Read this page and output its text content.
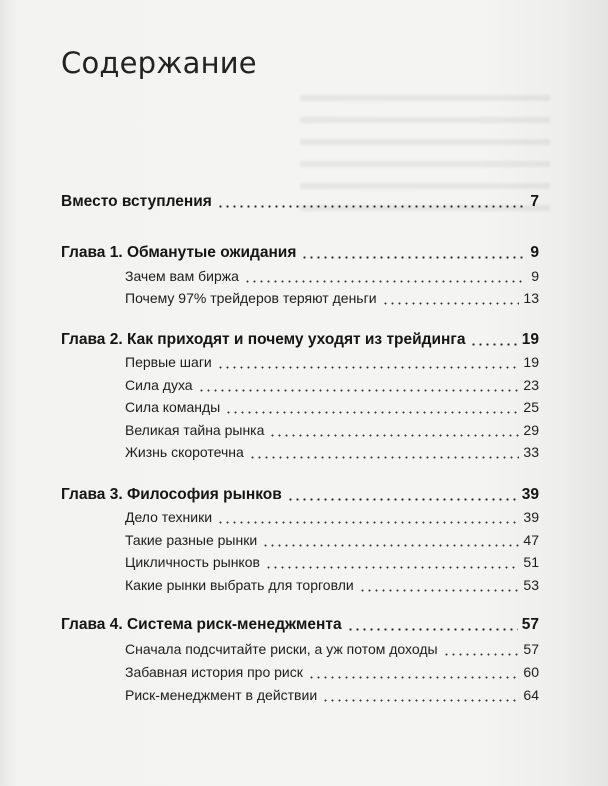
Содержание
Вместо вступления	7
Глава 1. Обманутые ожидания	9
Зачем вам биржа	9
Почему 97% трейдеров теряют деньги	13
Глава 2. Как приходят и почему уходят из трейдинга	19
Первые шаги	19
Сила духа	23
Сила команды	25
Великая тайна рынка	29
Жизнь скоротечна	33
Глава 3. Философия рынков	39
Дело техники	39
Такие разные рынки	47
Цикличность рынков	51
Какие рынки выбрать для торговли	53
Глава 4. Система риск-менеджмента	57
Сначала подсчитайте риски, а уж потом доходы	57
Забавная история про риск	60
Риск-менеджмент в действии	64
